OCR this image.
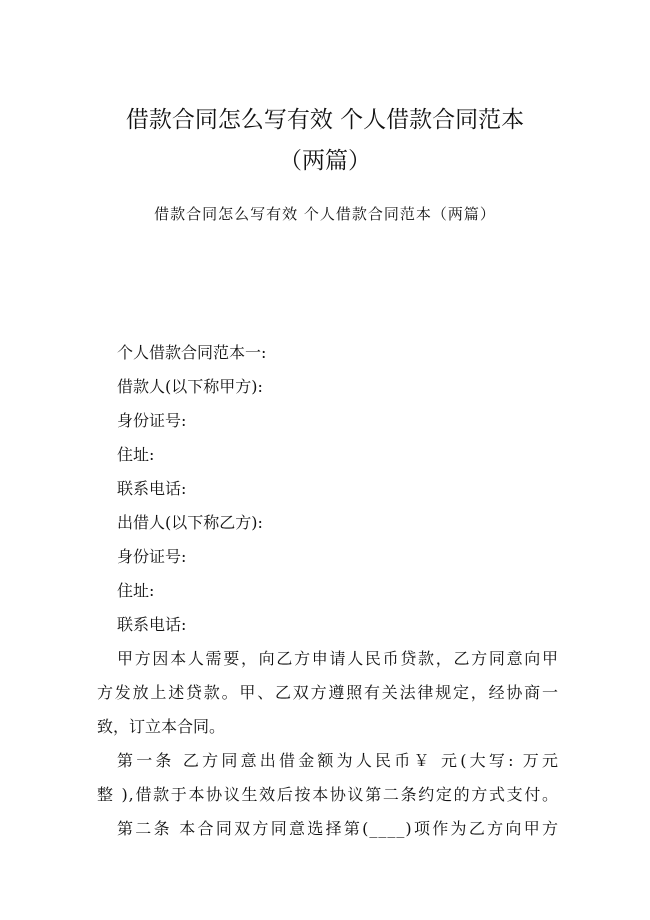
借款合同怎么写有效 个人借款合同范本
（两篇）

借款合同怎么写有效 个人借款合同范本（两篇）

个人借款合同范本一:

借款人(以下称甲方):

身份证号:

住址:

联系电话:

出借人(以下称乙方):

身份证号:

住址:

联系电话:

甲方因本人需要，向乙方申请人民币贷款，乙方同意向甲

方发放上述贷款。甲、乙双方遵照有关法律规定，经协商一

致，订立本合同。

第一条 乙方同意出借金额为人民币￥ 元(大写: 万元

整 ),借款于本协议生效后按本协议第二条约定的方式支付。

第二条 本合同双方同意选择第(____)项作为乙方向甲方
